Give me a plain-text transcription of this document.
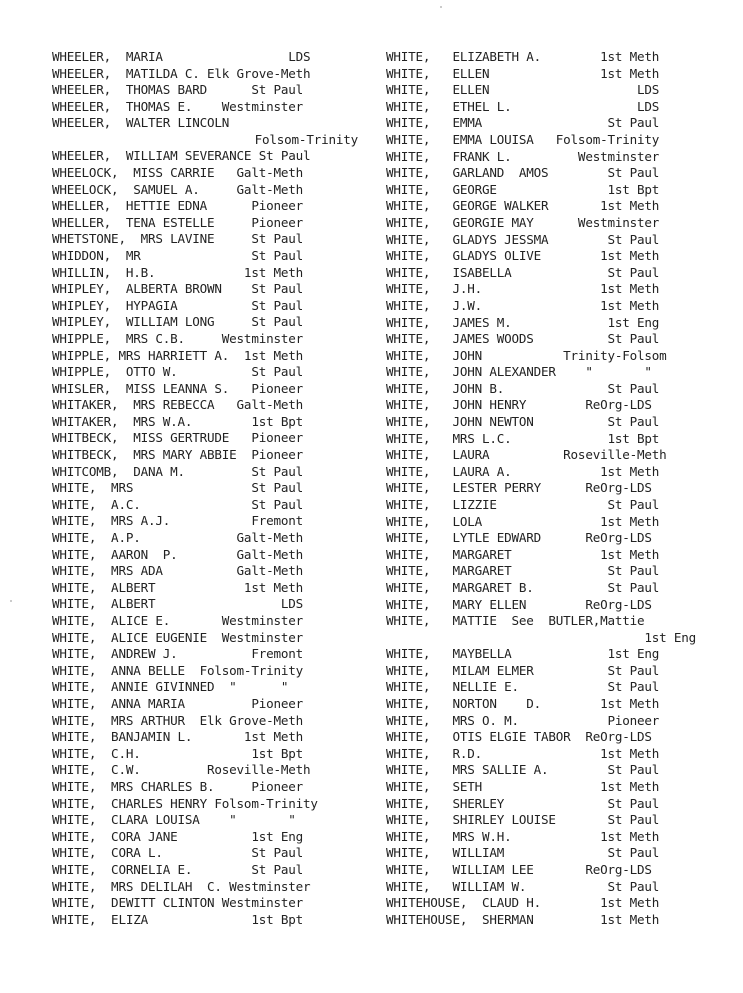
WHEELER,  MARIA                 LDS
WHEELER,  MATILDA C. Elk Grove-Meth
WHEELER,  THOMAS BARD      St Paul
WHEELER,  THOMAS E.    Westminster
WHEELER,  WALTER LINCOLN
Folsom-Trinity
WHEELER,  WILLIAM SEVERANCE St Paul
WHEELOCK,  MISS CARRIE   Galt-Meth
WHEELOCK,  SAMUEL A.     Galt-Meth
WHELLER,  HETTIE EDNA      Pioneer
WHELLER,  TENA ESTELLE     Pioneer
WHETSTONE,  MRS LAVINE     St Paul
WHIDDON,  MR               St Paul
WHILLIN,  H.B.            1st Meth
WHIPLEY,  ALBERTA BROWN    St Paul
WHIPLEY,  HYPAGIA          St Paul
WHIPLEY,  WILLIAM LONG     St Paul
WHIPPLE,  MRS C.B.     Westminster
WHIPPLE, MRS HARRIETT A.  1st Meth
WHIPPLE,  OTTO W.          St Paul
WHISLER,  MISS LEANNA S.   Pioneer
WHITAKER,  MRS REBECCA   Galt-Meth
WHITAKER,  MRS W.A.        1st Bpt
WHITBECK,  MISS GERTRUDE   Pioneer
WHITBECK,  MRS MARY ABBIE  Pioneer
WHITCOMB,  DANA M.         St Paul
WHITE,  MRS                St Paul
WHITE,  A.C.               St Paul
WHITE,  MRS A.J.           Fremont
WHITE,  A.P.             Galt-Meth
WHITE,  AARON  P.        Galt-Meth
WHITE,  MRS ADA          Galt-Meth
WHITE,  ALBERT            1st Meth
WHITE,  ALBERT                 LDS
WHITE,  ALICE E.       Westminster
WHITE,  ALICE EUGENIE  Westminster
WHITE,  ANDREW J.          Fremont
WHITE,  ANNA BELLE  Folsom-Trinity
WHITE,  ANNIE GIVINNED  "      "
WHITE,  ANNA MARIA         Pioneer
WHITE,  MRS ARTHUR  Elk Grove-Meth
WHITE,  BANJAMIN L.       1st Meth
WHITE,  C.H.               1st Bpt
WHITE,  C.W.         Roseville-Meth
WHITE,  MRS CHARLES B.     Pioneer
WHITE,  CHARLES HENRY Folsom-Trinity
WHITE,  CLARA LOUISA    "       "
WHITE,  CORA JANE          1st Eng
WHITE,  CORA L.            St Paul
WHITE,  CORNELIA E.        St Paul
WHITE,  MRS DELILAH  C. Westminster
WHITE,  DEWITT CLINTON Westminster
WHITE,  ELIZA              1st Bpt
WHITE,   ELIZABETH A.        1st Meth
WHITE,   ELLEN               1st Meth
WHITE,   ELLEN                    LDS
WHITE,   ETHEL L.                 LDS
WHITE,   EMMA                 St Paul
WHITE,   EMMA LOUISA   Folsom-Trinity
WHITE,   FRANK L.         Westminster
WHITE,   GARLAND  AMOS        St Paul
WHITE,   GEORGE               1st Bpt
WHITE,   GEORGE WALKER       1st Meth
WHITE,   GEORGIE MAY      Westminster
WHITE,   GLADYS JESSMA        St Paul
WHITE,   GLADYS OLIVE        1st Meth
WHITE,   ISABELLA             St Paul
WHITE,   J.H.                1st Meth
WHITE,   J.W.                1st Meth
WHITE,   JAMES M.             1st Eng
WHITE,   JAMES WOODS          St Paul
WHITE,   JOHN           Trinity-Folsom
WHITE,   JOHN ALEXANDER    "       "
WHITE,   JOHN B.              St Paul
WHITE,   JOHN HENRY        ReOrg-LDS
WHITE,   JOHN NEWTON          St Paul
WHITE,   MRS L.C.             1st Bpt
WHITE,   LAURA          Roseville-Meth
WHITE,   LAURA A.            1st Meth
WHITE,   LESTER PERRY      ReOrg-LDS
WHITE,   LIZZIE               St Paul
WHITE,   LOLA                1st Meth
WHITE,   LYTLE EDWARD      ReOrg-LDS
WHITE,   MARGARET            1st Meth
WHITE,   MARGARET             St Paul
WHITE,   MARGARET B.          St Paul
WHITE,   MARY ELLEN        ReOrg-LDS
WHITE,   MATTIE  See  BUTLER,Mattie
1st Eng
WHITE,   MAYBELLA             1st Eng
WHITE,   MILAM ELMER          St Paul
WHITE,   NELLIE E.            St Paul
WHITE,   NORTON    D.        1st Meth
WHITE,   MRS O. M.            Pioneer
WHITE,   OTIS ELGIE TABOR  ReOrg-LDS
WHITE,   R.D.                1st Meth
WHITE,   MRS SALLIE A.        St Paul
WHITE,   SETH                1st Meth
WHITE,   SHERLEY              St Paul
WHITE,   SHIRLEY LOUISE       St Paul
WHITE,   MRS W.H.            1st Meth
WHITE,   WILLIAM              St Paul
WHITE,   WILLIAM LEE       ReOrg-LDS
WHITE,   WILLIAM W.           St Paul
WHITEHOUSE,  CLAUD H.        1st Meth
WHITEHOUSE,  SHERMAN         1st Meth
